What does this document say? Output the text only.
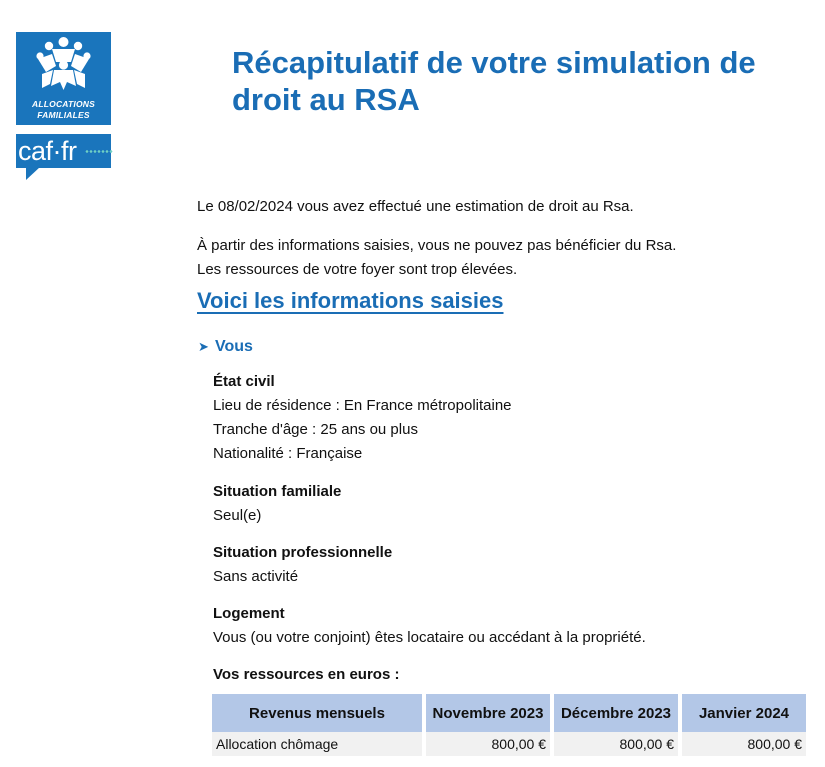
ALLOCATIONS
FAMILIALES
caf·fr
Récapitulatif de votre simulation de droit au RSA

Le 08/02/2024 vous avez effectué une estimation de droit au Rsa.

À partir des informations saisies, vous ne pouvez pas bénéficier du Rsa.

Les ressources de votre foyer sont trop élevées.

Voici les informations saisies
➤ Vous
État civil
Lieu de résidence : En France métropolitaine
Tranche d'âge : 25 ans ou plus
Nationalité : Française
Situation familiale
Seul(e)
Situation professionnelle
Sans activité
Logement
Vous (ou votre conjoint) êtes locataire ou accédant à la propriété.
Vos ressources en euros :
Revenus mensuels	Novembre 2023	Décembre 2023	Janvier 2024
Allocation chômage	800,00 €	800,00 €	800,00 €
